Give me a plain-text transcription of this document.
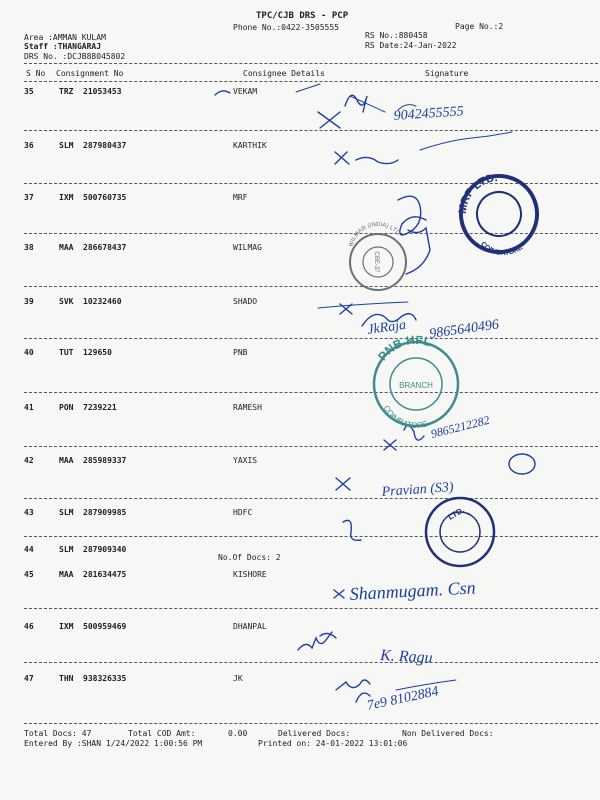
TPC/CJB DRS - PCP
Phone No.:0422-3505555	Page No.:2
Area :AMMAN KULAM
Staff :THANGARAJ
DRS No. :DCJB88045802
RS No.:880458
RS Date:24-Jan-2022
S No Consignment No	Consignee Details	Signature
35	TRZ 21053453	VEKAM
36	SLM 287980437	KARTHIK
37	IXM 500760735	MRF
38	MAA 286678437	WILMAG
39	SVK 10232460	SHADO
40	TUT 129650	PNB
41	PON 7239221	RAMESH
42	MAA 285989337	YAXIS
43	SLM 287909985	HDFC
44	SLM 287909340
No.Of Docs: 2
45	MAA 281634475	KISHORE
46	IXM 500959469	DHANPAL
47	THN 938326335	JK
Total Docs: 47	Total COD Amt:	0.00	Delivered Docs:	Non Delivered Docs:
Entered By :SHAN 1/24/2022 1:00:56 PM	Printed on: 24-01-2022 13:01:06
9042455555
JkRaja 9865640496
9865212282
Pravian (S3)
Shanmugam. Csn
K. Ragu
7e9 8102884
MRF LTD.
COIMBATORE
WILMAR (INDIA) LTD
CBE-37
PNB HFL
COIMBATORE
BRANCH
LTD.
